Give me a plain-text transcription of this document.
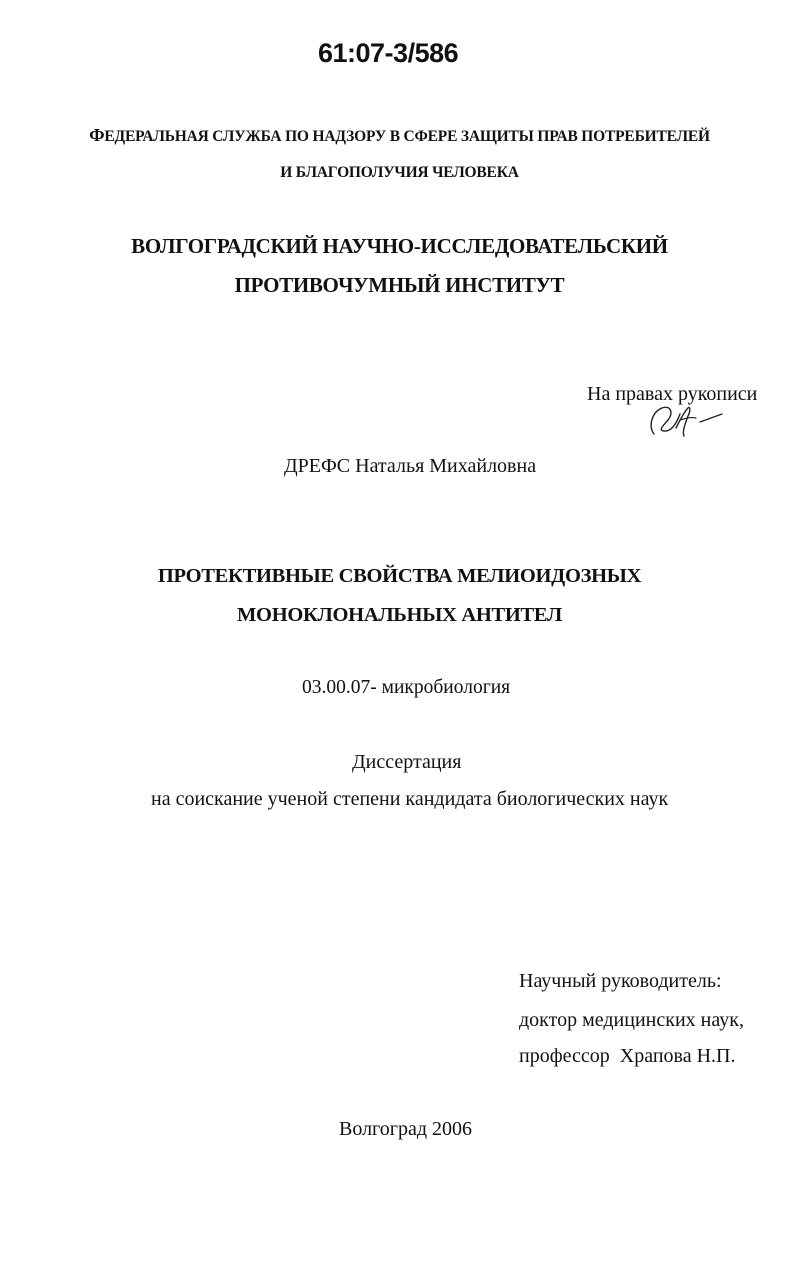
61:07-3/586
ФЕДЕРАЛЬНАЯ СЛУЖБА ПО НАДЗОРУ В СФЕРЕ ЗАЩИТЫ ПРАВ ПОТРЕБИТЕЛЕЙ
И БЛАГОПОЛУЧИЯ ЧЕЛОВЕКА
ВОЛГОГРАДСКИЙ НАУЧНО-ИССЛЕДОВАТЕЛЬСКИЙ
ПРОТИВОЧУМНЫЙ ИНСТИТУТ
На правах рукописи
ДРЕФС Наталья Михайловна
ПРОТЕКТИВНЫЕ СВОЙСТВА МЕЛИОИДОЗНЫХ
МОНОКЛОНАЛЬНЫХ АНТИТЕЛ
03.00.07- микробиология
Диссертация
на соискание ученой степени кандидата биологических наук
Научный руководитель:
доктор медицинских наук,
профессор  Храпова Н.П.
Волгоград 2006
